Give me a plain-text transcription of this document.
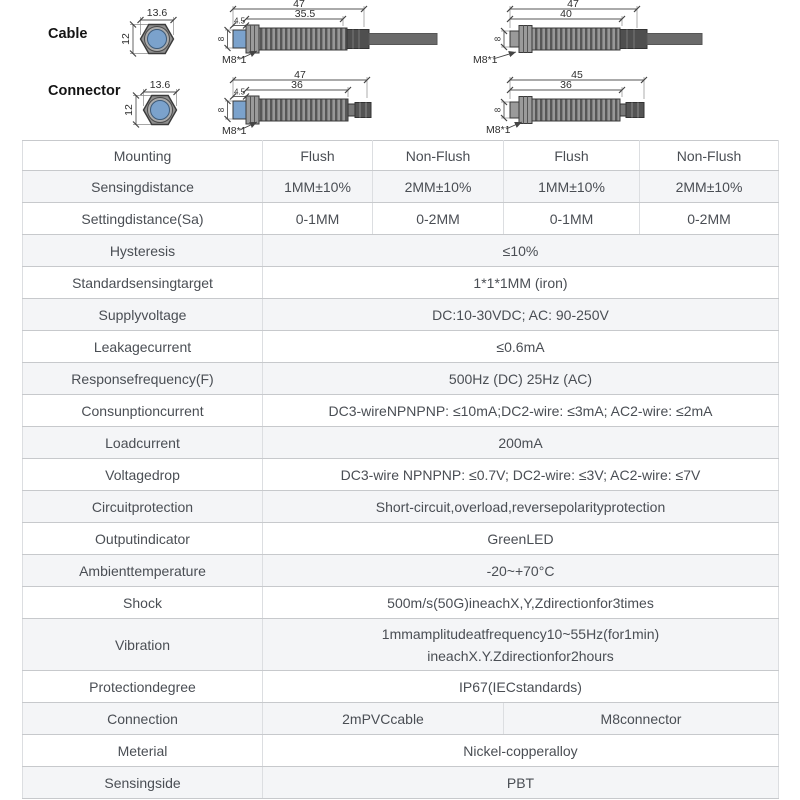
Cable
Connector
13.6
12
47
35.5
4.5
8
M8*1
47
40
8
M8*1
13.6
12
47
36
4.5
8
M8*1
45
36
8
M8*1
Mounting	Flush	Non-Flush	Flush	Non-Flush
Sensingdistance	1MM±10%	2MM±10%	1MM±10%	2MM±10%
Settingdistance(Sa)	0-1MM	0-2MM	0-1MM	0-2MM
Hysteresis	≤10%			
Standardsensingtarget	1*1*1MM (iron)			
Supplyvoltage	DC:10-30VDC; AC: 90-250V			
Leakagecurrent	≤0.6mA			
Responsefrequency(F)	500Hz (DC) 25Hz (AC)			
Consunptioncurrent	DC3-wireNPNPNP: ≤10mA;DC2-wire: ≤3mA; AC2-wire: ≤2mA			
Loadcurrent	200mA			
Voltagedrop	DC3-wire NPNPNP: ≤0.7V; DC2-wire: ≤3V; AC2-wire: ≤7V			
Circuitprotection	Short-circuit,overload,reversepolarityprotection			
Outputindicator	GreenLED			
Ambienttemperature	-20~+70°C			
Shock	500m/s(50G)ineachX,Y,Zdirectionfor3times			
Vibration	1mmamplitudeatfrequency10~55Hz(for1min)
ineachX.Y.Zdirectionfor2hours			

Protectiondegree	IP67(IECstandards)			
Connection	2mPVCcable		M8connector	
Meterial	Nickel-copperalloy			
Sensingside	PBT			
